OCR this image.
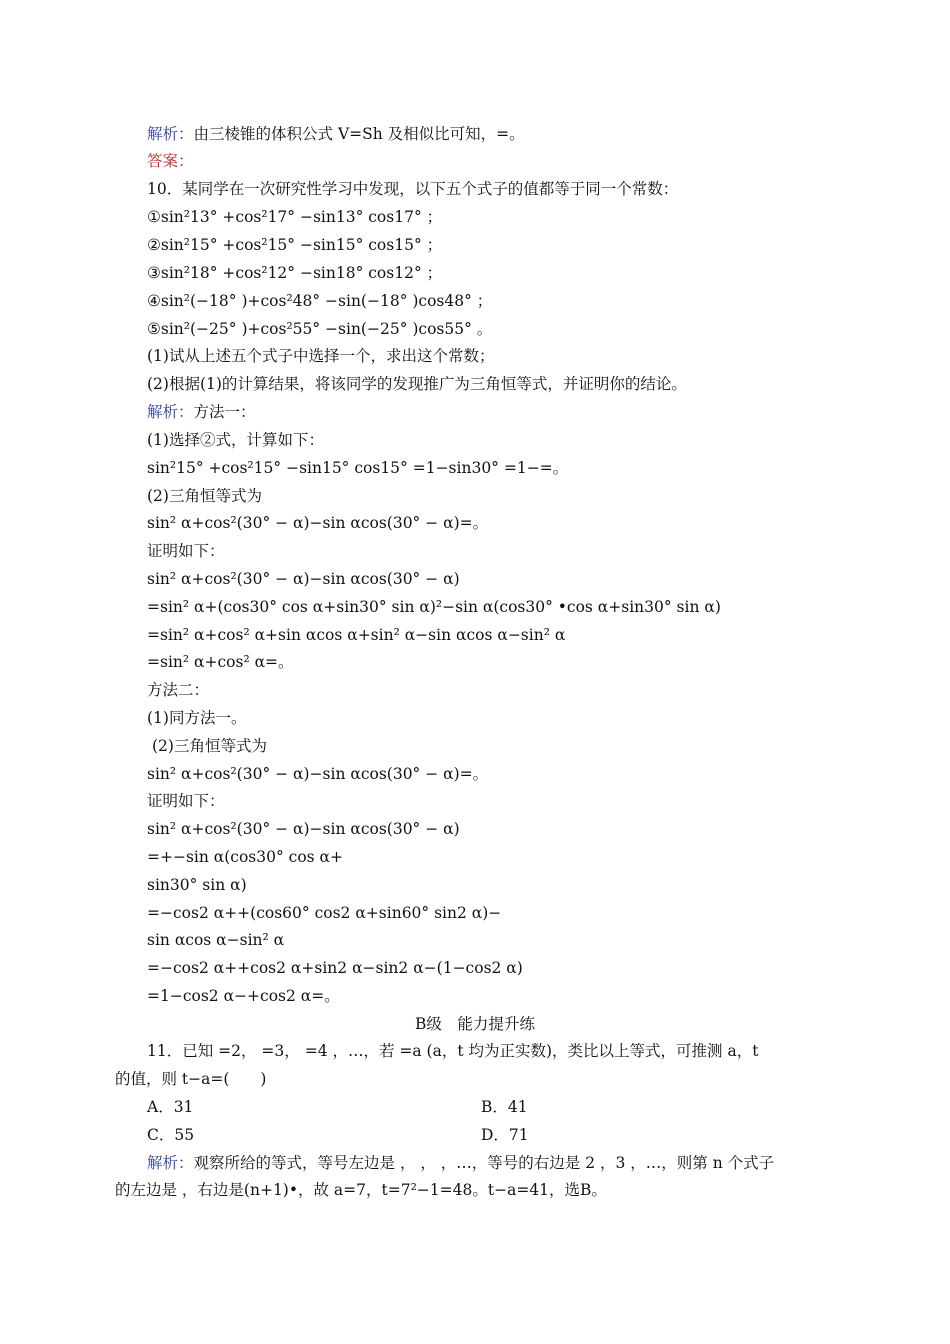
解析：由三棱锥的体积公式 V=Sh 及相似比可知，=。
答案：
10．某同学在一次研究性学习中发现，以下五个式子的值都等于同一个常数：
①sin²13° +cos²17° −sin13° cos17° ；
②sin²15° +cos²15° −sin15° cos15° ；
③sin²18° +cos²12° −sin18° cos12° ；
④sin²(−18° )+cos²48° −sin(−18° )cos48° ；
⑤sin²(−25° )+cos²55° −sin(−25° )cos55° 。
(1)试从上述五个式子中选择一个，求出这个常数；
(2)根据(1)的计算结果，将该同学的发现推广为三角恒等式，并证明你的结论。
解析：方法一：
(1)选择②式，计算如下：
sin²15° +cos²15° −sin15° cos15° =1−sin30° =1−=。
(2)三角恒等式为
sin² α+cos²(30° − α)−sin αcos(30° − α)=。
证明如下：
sin² α+cos²(30° − α)−sin αcos(30° − α)
=sin² α+(cos30° cos α+sin30° sin α)²−sin α(cos30° •cos α+sin30° sin α)
=sin² α+cos² α+sin αcos α+sin² α−sin αcos α−sin² α
=sin² α+cos² α=。
方法二：
(1)同方法一。
(2)三角恒等式为
sin² α+cos²(30° − α)−sin αcos(30° − α)=。
证明如下：
sin² α+cos²(30° − α)−sin αcos(30° − α)
=+−sin α(cos30° cos α+
sin30° sin α)
=−cos2 α++(cos60° cos2 α+sin60° sin2 α)−
sin αcos α−sin² α
=−cos2 α++cos2 α+sin2 α−sin2 α−(1−cos2 α)
=1−cos2 α−+cos2 α=。
B级　能力提升练
11．已知 =2， =3， =4 ，…，若 =a (a，t 均为正实数)，类比以上等式，可推测 a，t
的值，则 t−a=(　　)
A．31	B．41
C．55	D．71
解析：观察所给的等式，等号左边是 ， ， ，…，等号的右边是 2 ，3 ，…，则第 n 个式子
的左边是 ，右边是(n+1)•，故 a=7，t=7²−1=48。t−a=41，选B。
